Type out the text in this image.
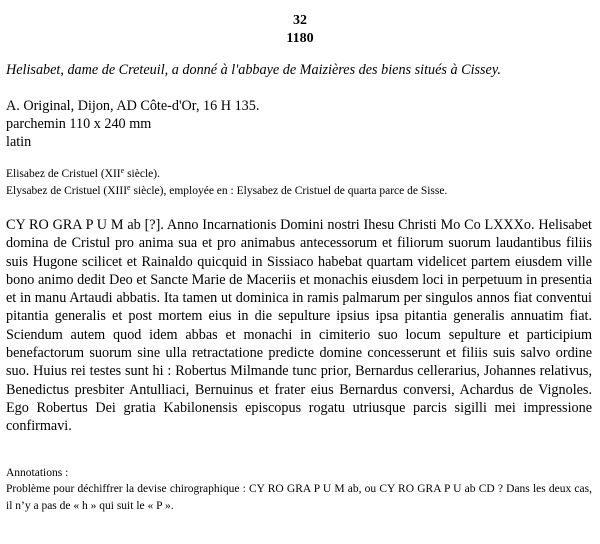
32
1180
Helisabet, dame de Creteuil, a donné à l'abbaye de Maizières des biens situés à Cissey.
A. Original, Dijon, AD Côte-d'Or, 16 H 135.
parchemin 110 x 240 mm
latin
Elisabez de Cristuel (XIIe siècle).
Elysabez de Cristuel (XIIIe siècle), employée en : Elysabez de Cristuel de quarta parce de Sisse.
CY RO GRA P U M ab [?]. Anno Incarnationis Domini nostri Ihesu Christi Mo Co LXXXo. Helisabet domina de Cristul pro anima sua et pro animabus antecessorum et filiorum suorum laudantibus filiis suis Hugone scilicet et Rainaldo quicquid in Sissiaco habebat quartam videlicet partem eiusdem ville bono animo dedit Deo et Sancte Marie de Maceriis et monachis eiusdem loci in perpetuum in presentia et in manu Artaudi abbatis. Ita tamen ut dominica in ramis palmarum per singulos annos fiat conventui pitantia generalis et post mortem eius in die sepulture ipsius ipsa pitantia generalis annuatim fiat. Sciendum autem quod idem abbas et monachi in cimiterio suo locum sepulture et participium benefactorum suorum sine ulla retractatione predicte domine concesserunt et filiis suis salvo ordine suo. Huius rei testes sunt hi : Robertus Milmande tunc prior, Bernardus cellerarius, Johannes relativus, Benedictus presbiter Antulliaci, Bernuinus et frater eius Bernardus conversi, Achardus de Vignoles. Ego Robertus Dei gratia Kabilonensis episcopus rogatu utriusque parcis sigilli mei impressione confirmavi.
Annotations :
Problème pour déchiffrer la devise chirographique : CY RO GRA P U M ab, ou CY RO GRA P U ab CD ? Dans les deux cas, il n’y a pas de « h » qui suit le « P ».
